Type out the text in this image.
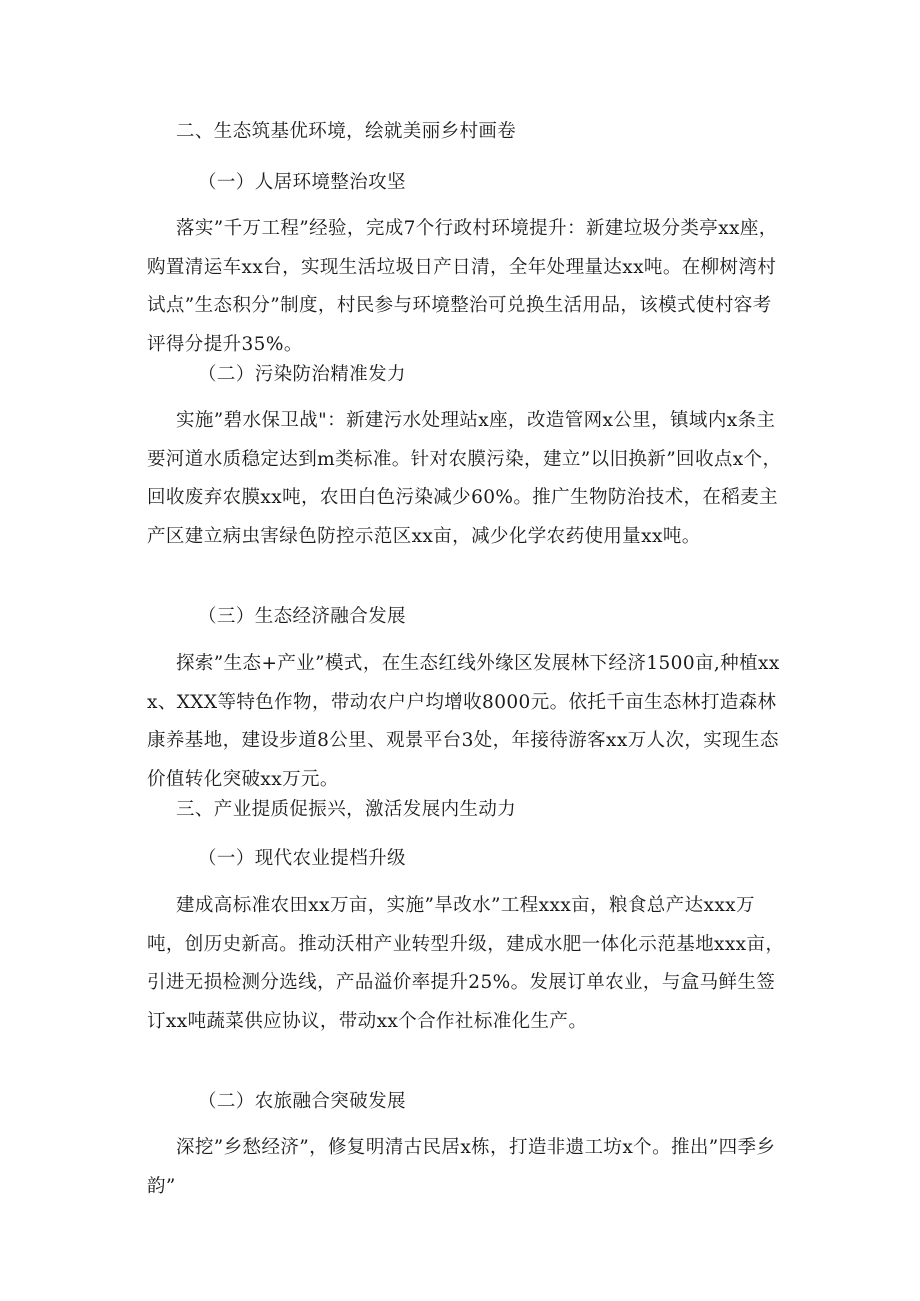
二、生态筑基优环境，绘就美丽乡村画卷
（一）人居环境整治攻坚

落实”千万工程”经验，完成7个行政村环境提升：新建垃圾分类亭xx座，购置清运车xx台，实现生活垃圾日产日清，全年处理量达xx吨。在柳树湾村试点”生态积分”制度，村民参与环境整治可兑换生活用品，该模式使村容考评得分提升35%。

（二）污染防治精准发力

实施”碧水保卫战"：新建污水处理站x座，改造管网x公里，镇域内x条主要河道水质稳定达到m类标准。针对农膜污染，建立”以旧换新”回收点x个，回收废弃农膜xx吨，农田白色污染减少60%。推广生物防治技术，在稻麦主产区建立病虫害绿色防控示范区xx亩，减少化学农药使用量xx吨。

（三）生态经济融合发展

探索”生态+产业”模式，在生态红线外缘区发展林下经济1500亩,种植xxx、XXX等特色作物，带动农户户均增收8000元。依托千亩生态林打造森林康养基地，建设步道8公里、观景平台3处，年接待游客xx万人次，实现生态价值转化突破xx万元。

三、产业提质促振兴，激活发展内生动力
（一）现代农业提档升级

建成高标准农田xx万亩，实施”旱改水”工程xxx亩，粮食总产达xxx万吨，创历史新高。推动沃柑产业转型升级，建成水肥一体化示范基地xxx亩，引进无损检测分选线，产品溢价率提升25%。发展订单农业，与盒马鲜生签订xx吨蔬菜供应协议，带动xx个合作社标准化生产。

（二）农旅融合突破发展

深挖”乡愁经济”，修复明清古民居x栋，打造非遗工坊x个。推出”四季乡韵”
